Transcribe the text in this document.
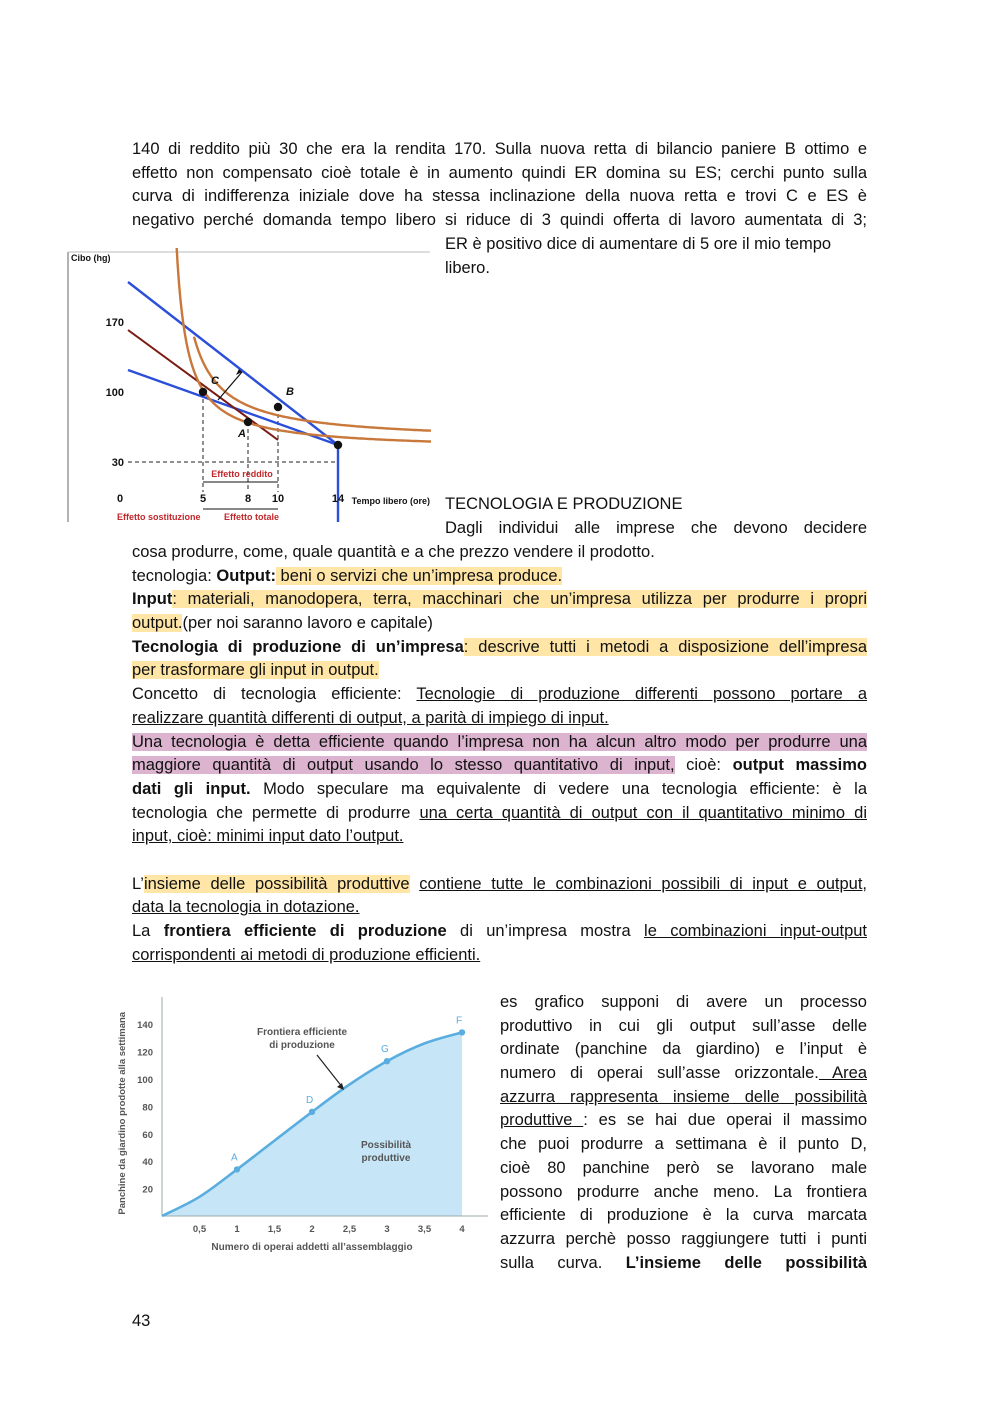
140 di reddito più 30 che era la rendita 170. Sulla nuova retta di bilancio paniere B ottimo e
effetto non compensato cioè totale è in aumento quindi ER domina su ES; cerchi punto sulla
curva di indifferenza iniziale dove ha stessa inclinazione della nuova retta e trovi C e ES è
negativo perché domanda tempo libero si riduce di 3 quindi offerta di lavoro aumentata di 3;
ER è positivo dice di aumentare di 5 ore il mio tempo
libero.
Cibo (hg)
Tempo libero (ore)
170
100
30
0	5	8 10	14
C
A
B
Effetto reddito
Effetto sostituzione	Effetto totale
TECNOLOGIA E PRODUZIONE
Dagli individui alle imprese che devono decidere
cosa produrre, come, quale quantità e a che prezzo vendere il prodotto.
tecnologia: Output: beni o servizi che un’impresa produce.
Input: materiali, manodopera, terra, macchinari che un’impresa utilizza per produrre i propri
output.(per noi saranno lavoro e capitale)
Tecnologia di produzione di un’impresa: descrive tutti i metodi a disposizione dell’impresa
per trasformare gli input in output.
Concetto di tecnologia efficiente: Tecnologie di produzione differenti possono portare a
realizzare quantità differenti di output, a parità di impiego di input.
Una tecnologia è detta efficiente quando l’impresa non ha alcun altro modo per produrre una
maggiore quantità di output usando lo stesso quantitativo di input, cioè: output massimo
dati gli input. Modo speculare ma equivalente di vedere una tecnologia efficiente: è la
tecnologia che permette di produrre una certa quantità di output con il quantitativo minimo di
input, cioè: minimi input dato l’output.
L’insieme delle possibilità produttive contiene tutte le combinazioni possibili di input e output,
data la tecnologia in dotazione.
La frontiera efficiente di produzione di un’impresa mostra le combinazioni input-output
corrispondenti ai metodi di produzione efficienti.
20
40
60
80
100
120
140
0,5	1	1,5	2	2,5	3	3,5	4
Numero di operai addetti all’assemblaggio
Panchine da giardino prodotte alla settimana	A
D
G
F
Frontiera efficiente
di produzione
Possibilità
produttive
es grafico supponi di avere un processo
produttivo in cui gli output sull’asse delle
ordinate (panchine da giardino) e l’input è
numero di operai sull’asse orizzontale. Area
azzurra rappresenta insieme delle possibilità
produttive : es se hai due operai il massimo
che puoi produrre a settimana è il punto D,
cioè 80 panchine però se lavorano male
possono produrre anche meno. La frontiera
efficiente di produzione è la curva marcata
azzurra perchè posso raggiungere tutti i punti
sulla curva. L’insieme delle possibilità
43
